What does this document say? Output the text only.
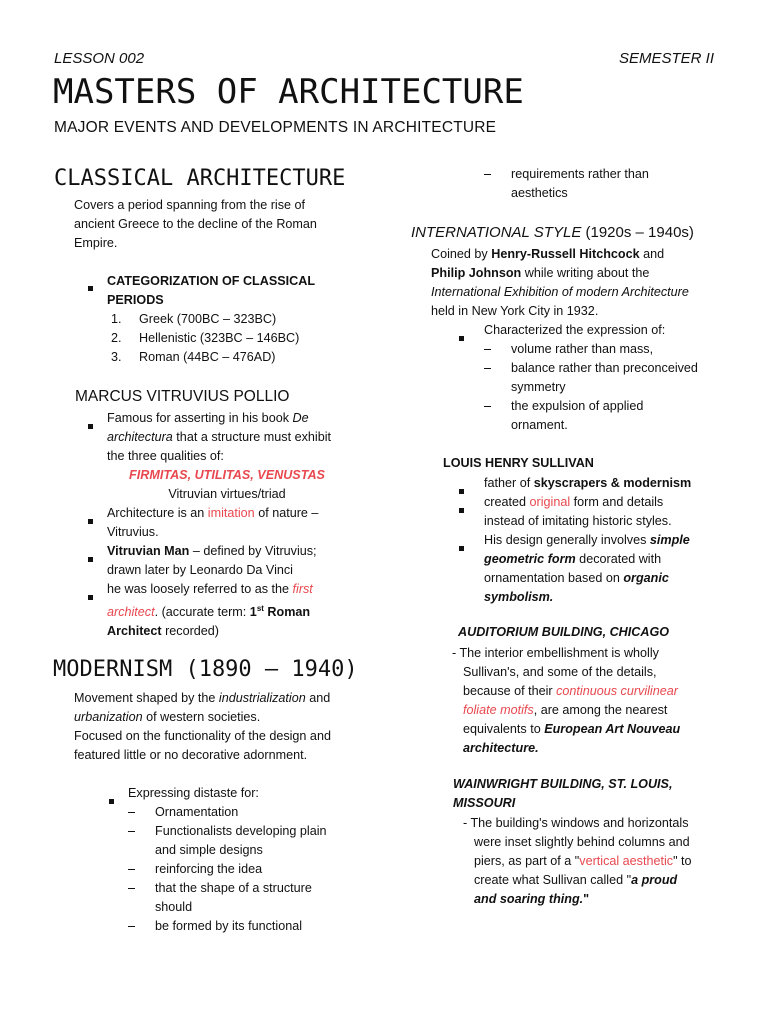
LESSON 002	SEMESTER II
MASTERS OF ARCHITECTURE
MAJOR EVENTS AND DEVELOPMENTS IN ARCHITECTURE
CLASSICAL ARCHITECTURE

Covers a period spanning from the rise of

ancient Greece to the decline of the Roman

Empire.

CATEGORIZATION OF CLASSICAL

PERIODS

1. Greek (700BC – 323BC)

2. Hellenistic (323BC – 146BC)

3. Roman (44BC – 476AD)

MARCUS VITRUVIUS POLLIO

Famous for asserting in his book De

architectura that a structure must exhibit

the three qualities of:

FIRMITAS, UTILITAS, VENUSTAS
Vitruvian virtues/triad

Architecture is an imitation of nature –

Vitruvius.

Vitruvian Man – defined by Vitruvius;

drawn later by Leonardo Da Vinci

he was loosely referred to as the first

architect. (accurate term: 1st Roman

Architect recorded)

MODERNISM (1890 – 1940)

Movement shaped by the industrialization and

urbanization of western societies.

Focused on the functionality of the design and

featured little or no decorative adornment.

Expressing distaste for:

Ornamentation

Functionalists developing plain

and simple designs

reinforcing the idea

that the shape of a structure

should

be formed by its functional

requirements rather than

aesthetics

INTERNATIONAL STYLE (1920s – 1940s)

Coined by Henry-Russell Hitchcock and

Philip Johnson while writing about the

International Exhibition of modern Architecture

held in New York City in 1932.

Characterized the expression of:

volume rather than mass,

balance rather than preconceived

symmetry

the expulsion of applied

ornament.

LOUIS HENRY SULLIVAN

father of skyscrapers & modernism

created original form and details

instead of imitating historic styles.

His design generally involves simple

geometric form decorated with

ornamentation based on organic

symbolism.

AUDITORIUM BUILDING, CHICAGO

- The interior embellishment is wholly

Sullivan's, and some of the details,

because of their continuous curvilinear

foliate motifs, are among the nearest

equivalents to European Art Nouveau

architecture.

WAINWRIGHT BUILDING, ST. LOUIS,

MISSOURI

- The building's windows and horizontals

were inset slightly behind columns and

piers, as part of a "vertical aesthetic" to

create what Sullivan called "a proud

and soaring thing."
